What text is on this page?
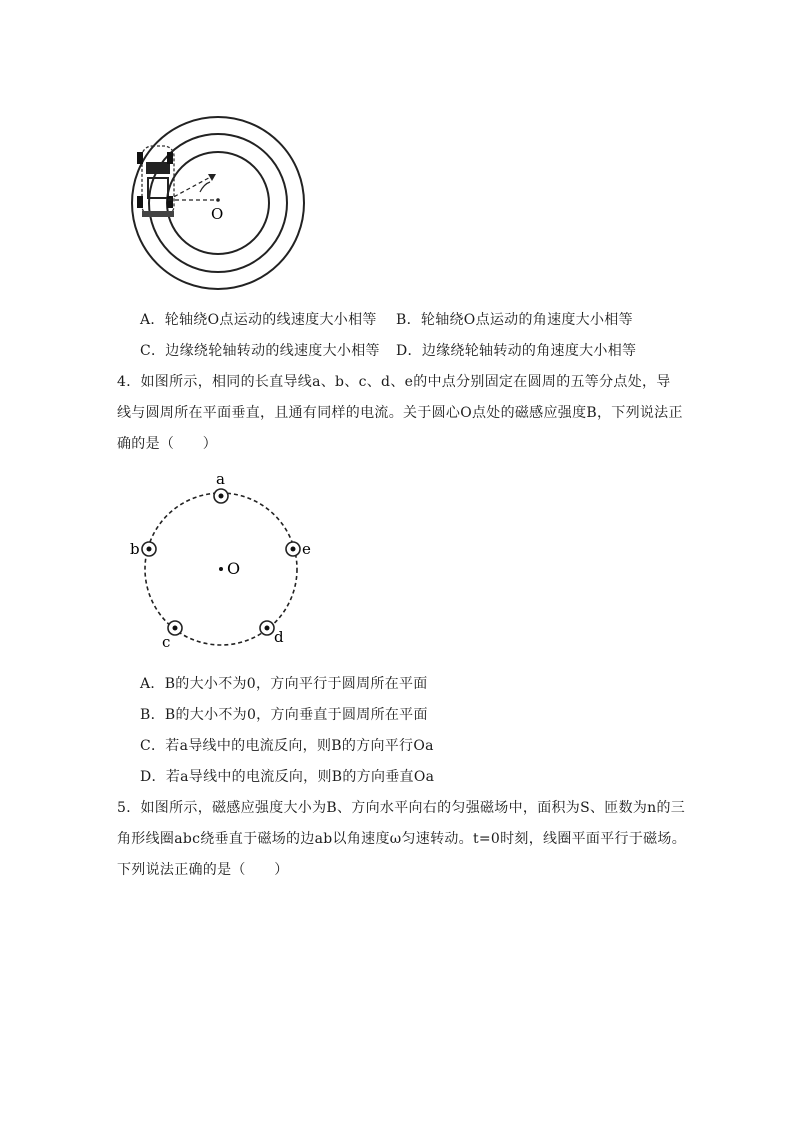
O
A．轮轴绕O点运动的线速度大小相等 B．轮轴绕O点运动的角速度大小相等
C．边缘绕轮轴转动的线速度大小相等 D．边缘绕轮轴转动的角速度大小相等
4．如图所示，相同的长直导线a、b、c、d、e的中点分别固定在圆周的五等分点处，导
线与圆周所在平面垂直，且通有同样的电流。关于圆心O点处的磁感应强度B，下列说法正
确的是（　　）
a
b	e
c	d
O
A．B的大小不为0，方向平行于圆周所在平面
B．B的大小不为0，方向垂直于圆周所在平面
C．若a导线中的电流反向，则B的方向平行Oa
D．若a导线中的电流反向，则B的方向垂直Oa
5．如图所示，磁感应强度大小为B、方向水平向右的匀强磁场中，面积为S、匝数为n的三
角形线圈abc绕垂直于磁场的边ab以角速度ω匀速转动。t=0时刻，线圈平面平行于磁场。
下列说法正确的是（　　）
